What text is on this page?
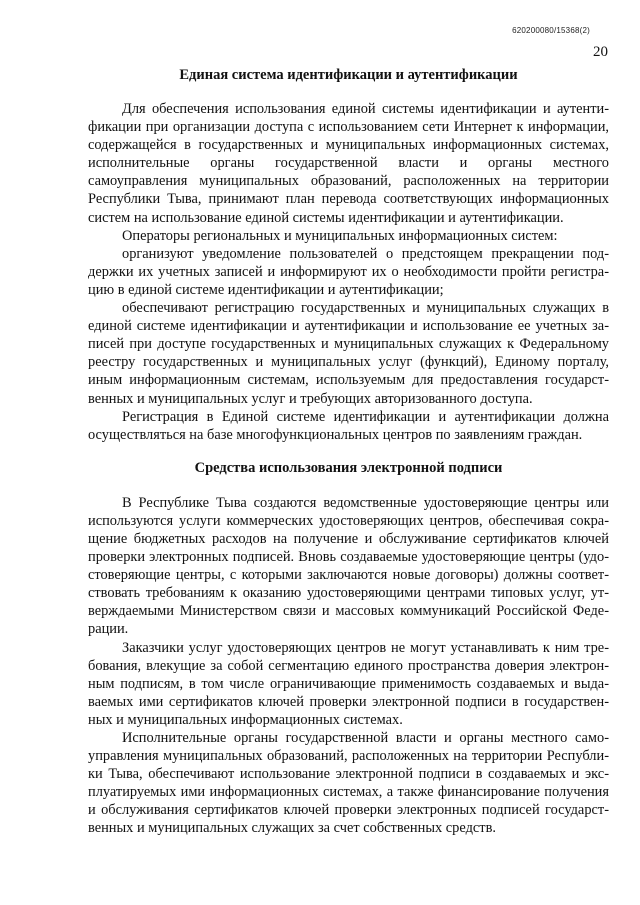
620200080/15368(2)
20
Единая система идентификации и аутентификации

Для обеспечения использования единой системы идентификации и аутентификации при организации доступа с использованием сети Интернет к информации, содержащейся в государственных и муниципальных информационных системах, исполнительные органы государственной власти и органы местного самоуправления муниципальных образований, расположенных на территории Республики Тыва, принимают план перевода соответствующих информационных систем на использование единой системы идентификации и аутентификации.

Операторы региональных и муниципальных информационных систем:

организуют уведомление пользователей о предстоящем прекращении поддержки их учетных записей и информируют их о необходимости пройти регистрацию в единой системе идентификации и аутентификации;

обеспечивают регистрацию государственных и муниципальных служащих в единой системе идентификации и аутентификации и использование ее учетных записей при доступе государственных и муниципальных служащих к Федеральному реестру государственных и муниципальных услуг (функций), Единому порталу, иным информационным системам, используемым для предоставления государственных и муниципальных услуг и требующих авторизованного доступа.

Регистрация в Единой системе идентификации и аутентификации должна осуществляться на базе многофункциональных центров по заявлениям граждан.

Средства использования электронной подписи

В Республике Тыва создаются ведомственные удостоверяющие центры или используются услуги коммерческих удостоверяющих центров, обеспечивая сокращение бюджетных расходов на получение и обслуживание сертификатов ключей проверки электронных подписей. Вновь создаваемые удостоверяющие центры (удостоверяющие центры, с которыми заключаются новые договоры) должны соответствовать требованиям к оказанию удостоверяющими центрами типовых услуг, утверждаемыми Министерством связи и массовых коммуникаций Российской Федерации.

Заказчики услуг удостоверяющих центров не могут устанавливать к ним требования, влекущие за собой сегментацию единого пространства доверия электронным подписям, в том числе ограничивающие применимость создаваемых и выдаваемых ими сертификатов ключей проверки электронной подписи в государственных и муниципальных информационных системах.

Исполнительные органы государственной власти и органы местного самоуправления муниципальных образований, расположенных на территории Республики Тыва, обеспечивают использование электронной подписи в создаваемых и эксплуатируемых ими информационных системах, а также финансирование получения и обслуживания сертификатов ключей проверки электронных подписей государственных и муниципальных служащих за счет собственных средств.
